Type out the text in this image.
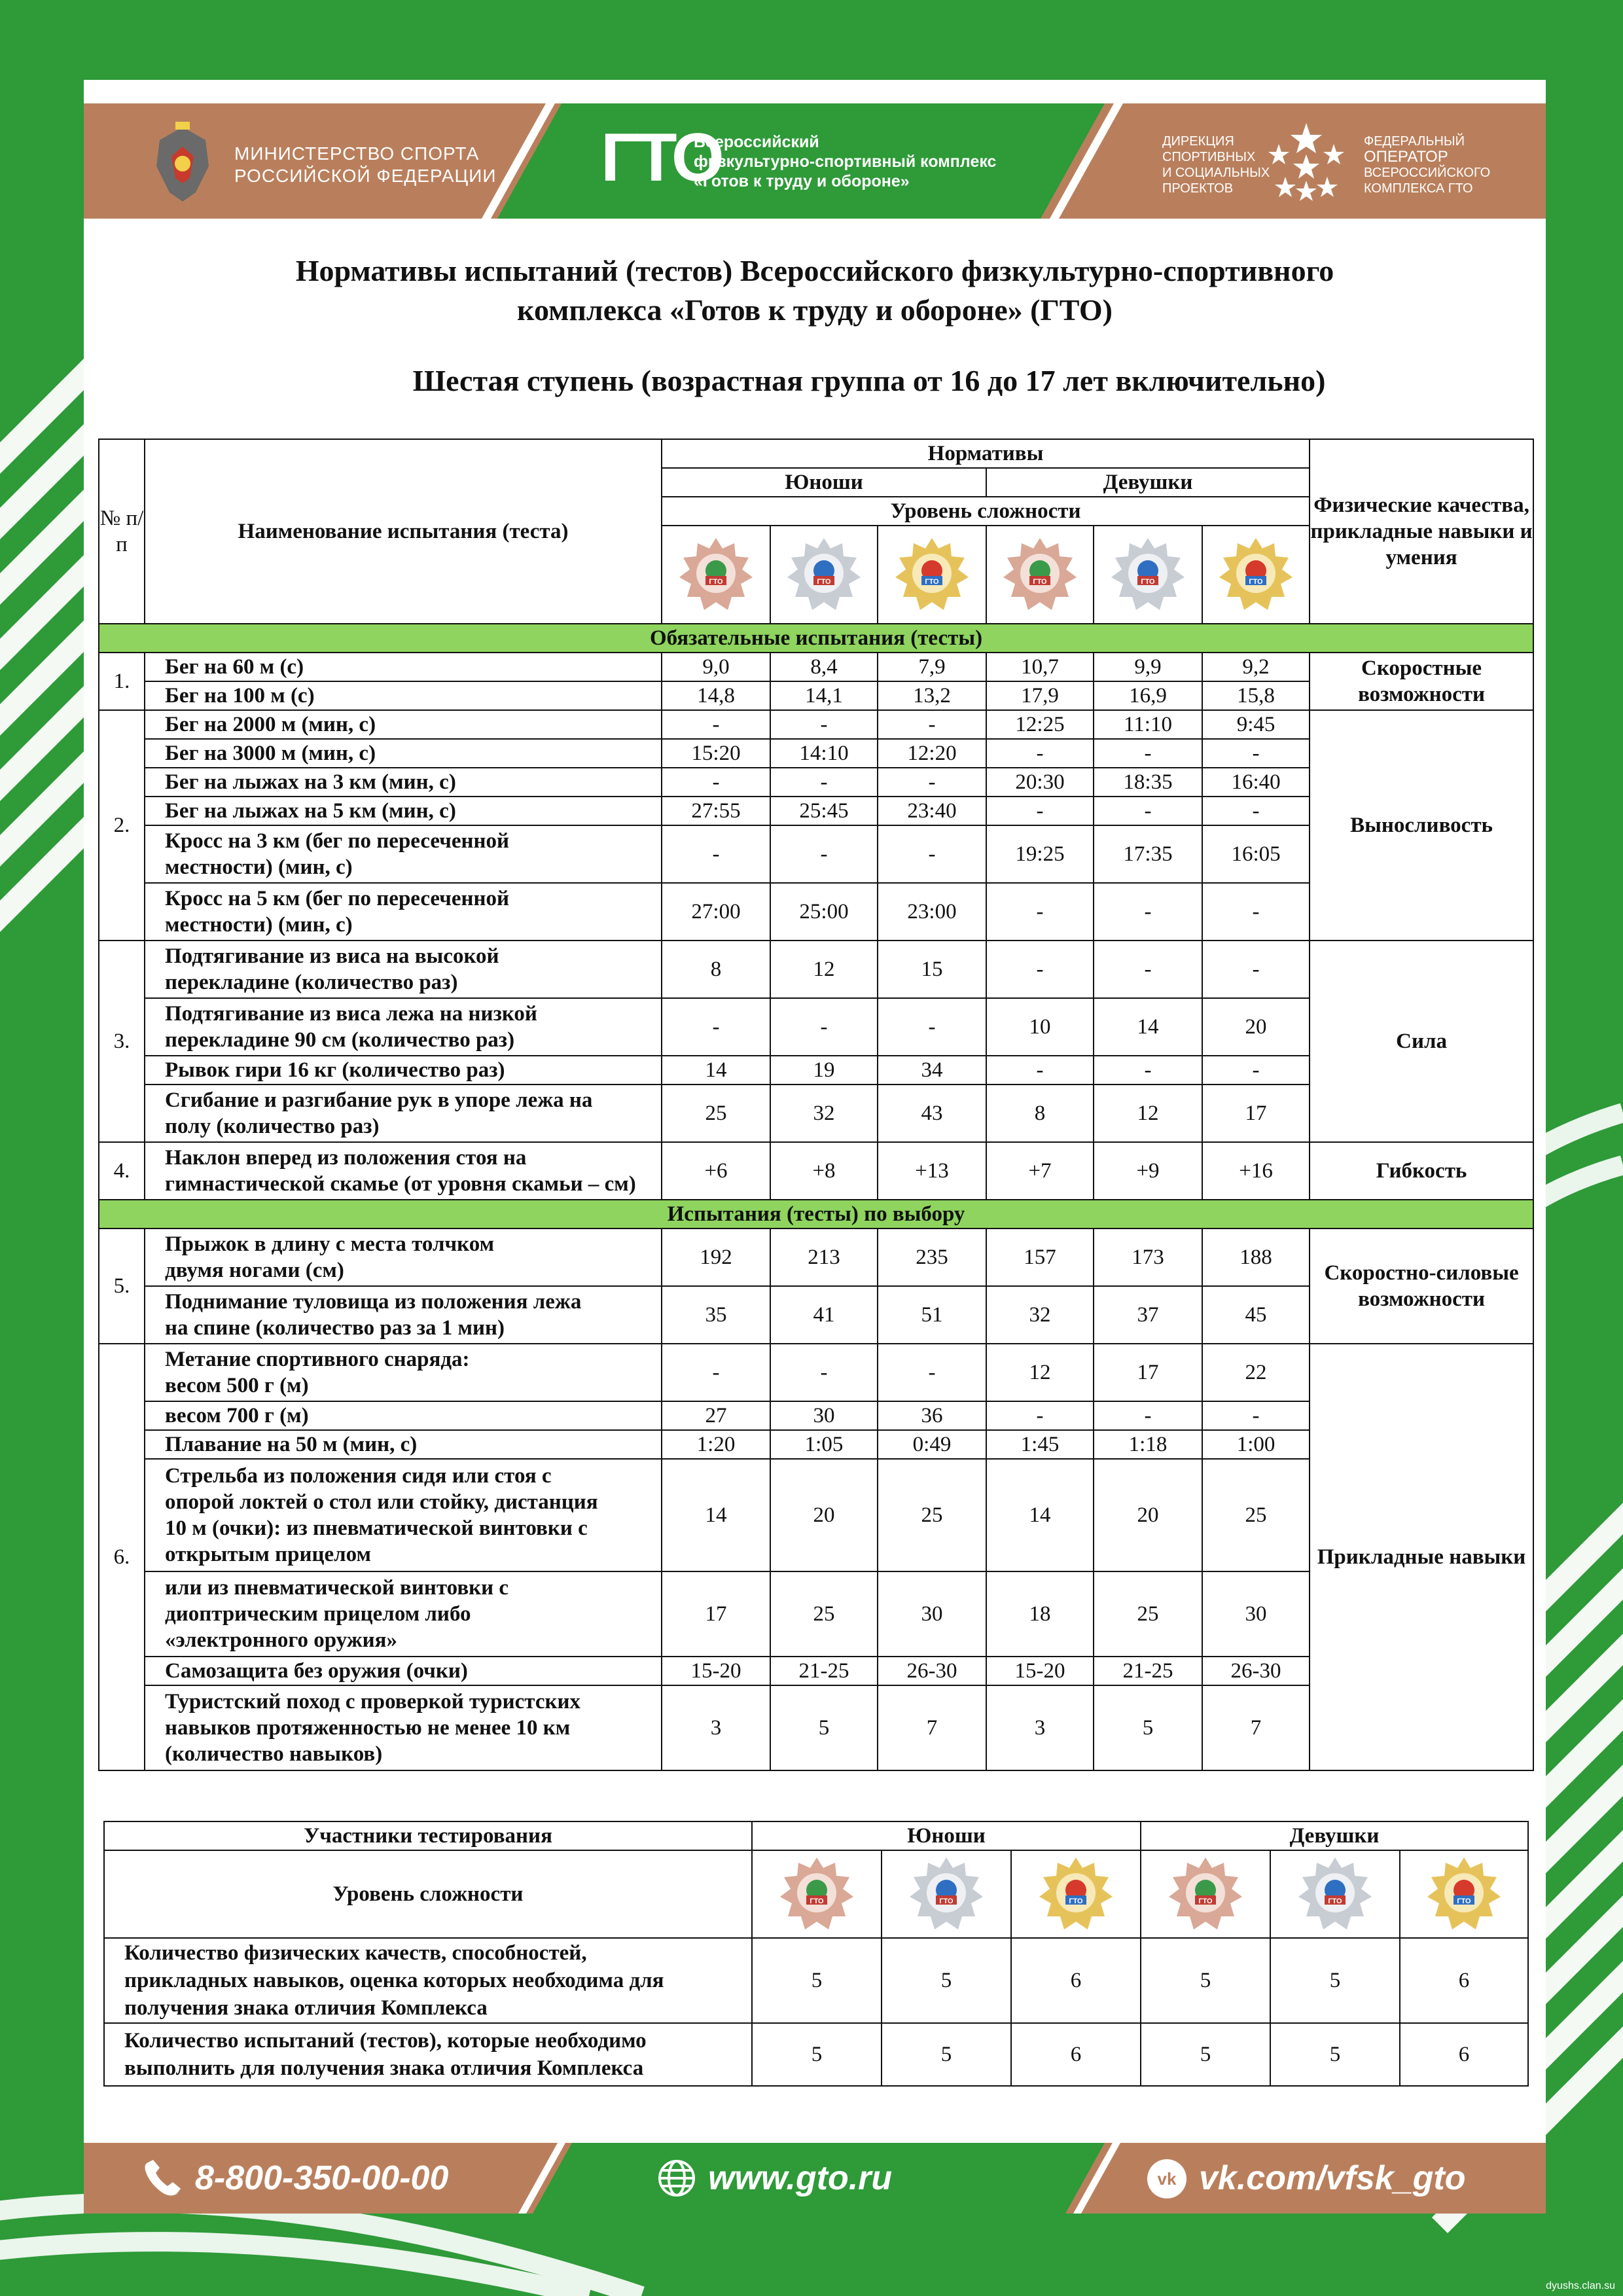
МИНИСТЕРСТВО СПОРТА
РОССИЙСКОЙ ФЕДЕРАЦИИ ГТО
Всероссийский
физкультурно-спортивный комплекс
«Готов к труду и обороне»
ДИРЕКЦИЯ
СПОРТИВНЫХ
И СОЦИАЛЬНЫХ
ПРОЕКТОВ
ФЕДЕРАЛЬНЫЙ
ОПЕРАТОР
ВСЕРОССИЙСКОГО
КОМПЛЕКСА ГТО
Нормативы испытаний (тестов) Всероссийского физкультурно-спортивного
комплекса «Готов к труду и обороне» (ГТО)
Шестая ступень (возрастная группа от 16 до 17 лет включительно)
№ п/п	Наименование испытания (теста)	Нормативы						Физические качества, прикладные навыки и умения
		Юноши			Девушки			
		Уровень сложности						

ГТО	ГТО	ГТО	ГТО	ГТО	ГТО	

Обязательные испытания (тесты)								
1.	Бег на 60 м (с)	9,0	8,4	7,9	10,7	9,9	9,2	Скоростные возможности
	Бег на 100 м (с)	14,8	14,1	13,2	17,9	16,9	15,8	
2.	Бег на 2000 м (мин, с)	-	-	-	12:25	11:10	9:45	Выносливость
	Бег на 3000 м (мин, с)	15:20	14:10	12:20	-	-	-	
	Бег на лыжах на 3 км (мин, с)	-	-	-	20:30	18:35	16:40	
	Бег на лыжах на 5 км (мин, с)	27:55	25:45	23:40	-	-	-	

	Кросс на 3 км (бег по пересеченной
местности) (мин, с)	-	-	-	19:25	17:35	16:05	

	Кросс на 5 км (бег по пересеченной
местности) (мин, с)	27:00	25:00	23:00	-	-	-	
3.	Подтягивание из виса на высокой
перекладине (количество раз)	8	12	15	-	-	-	Сила

	Подтягивание из виса лежа на низкой
перекладине 90 см (количество раз)	-	-	-	10	14	20	
	Рывок гири 16 кг (количество раз)	14	19	34	-	-	-	

	Сгибание и разгибание рук в упоре лежа на
полу (количество раз)	25	32	43	8	12	17	
4.	Наклон вперед из положения стоя на
гимнастической скамье (от уровня скамьи – см)	+6	+8	+13	+7	+9	+16	Гибкость
Испытания (тесты) по выбору								
5.	Прыжок в длину с места толчком
двумя ногами (см)	192	213	235	157	173	188	Скоростно-силовые возможности

	Поднимание туловища из положения лежа
на спине (количество раз за 1 мин)	35	41	51	32	37	45	
6.	Метание спортивного снаряда:
весом 500 г (м)	-	-	-	12	17	22	Прикладные навыки
	весом 700 г (м)	27	30	36	-	-	-	
	Плавание на 50 м (мин, с)	1:20	1:05	0:49	1:45	1:18	1:00	

	Стрельба из положения сидя или стоя с
опорой локтей о стол или стойку, дистанция
10 м (очки): из пневматической винтовки с
открытым прицелом	14	20	25	14	20	25	

	или из пневматической винтовки с
диоптрическим прицелом либо
«электронного оружия»	17	25	30	18	25	30	
	Самозащита без оружия (очки)	15-20	21-25	26-30	15-20	21-25	26-30	

	Туристский поход с проверкой туристских
навыков протяженностью не менее 10 км
(количество навыков)	3	5	7	3	5	7	
Участники тестирования	Юноши			Девушки		
Уровень сложности	ГТО	ГТО	ГТО	ГТО	ГТО	ГТО

Количество физических качеств, способностей,
прикладных навыков, оценка которых необходима для
получения знака отличия Комплекса	5	5	6	5	5	6

Количество испытаний (тестов), которые необходимо
выполнить для получения знака отличия Комплекса	5	5	6	5	5	6
8-800-350-00-00	www.gto.ru	vk vk.com/vfsk_gto
dyushs.clan.su
